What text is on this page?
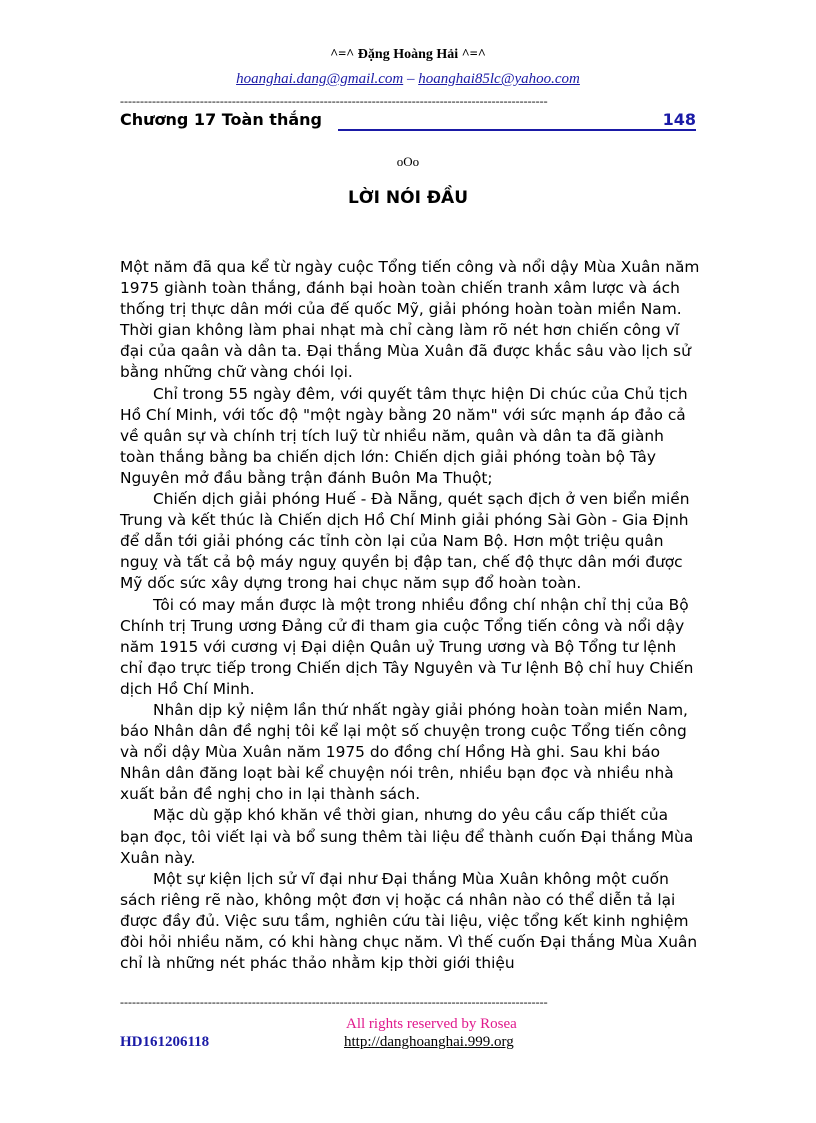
^=^ Đặng Hoàng Hải ^=^
hoanghai.dang@gmail.com – hoanghai85lc@yahoo.com
-----------------------------------------------------------------------------------------------------------
Chương 17 Toàn thắng	148
oOo
LỜI NÓI ĐẦU

Một năm đã qua kể từ ngày cuộc Tổng tiến công và nổi dậy Mùa Xuân năm 1975 giành toàn thắng, đánh bại hoàn toàn chiến tranh xâm lược và ách thống trị thực dân mới của đế quốc Mỹ, giải phóng hoàn toàn miền Nam. Thời gian không làm phai nhạt mà chỉ càng làm rõ nét hơn chiến công vĩ đại của qaân và dân ta. Đại thắng Mùa Xuân đã được khắc sâu vào lịch sử bằng những chữ vàng chói lọi.

Chỉ trong 55 ngày đêm, với quyết tâm thực hiện Di chúc của Chủ tịch Hồ Chí Minh, với tốc độ "một ngày bằng 20 năm" với sức mạnh áp đảo cả về quân sự và chính trị tích luỹ từ nhiều năm, quân và dân ta đã giành toàn thắng bằng ba chiến dịch lớn: Chiến dịch giải phóng toàn bộ Tây Nguyên mở đầu bằng trận đánh Buôn Ma Thuột;

Chiến dịch giải phóng Huế - Đà Nẵng, quét sạch địch ở ven biển miền Trung và kết thúc là Chiến dịch Hồ Chí Minh giải phóng Sài Gòn - Gia Định để dẫn tới giải phóng các tỉnh còn lại của Nam Bộ. Hơn một triệu quân nguỵ và tất cả bộ máy nguỵ quyền bị đập tan, chế độ thực dân mới được Mỹ dốc sức xây dựng trong hai chục năm sụp đổ hoàn toàn.

Tôi có may mắn được là một trong nhiều đồng chí nhận chỉ thị của Bộ Chính trị Trung ương Đảng cử đi tham gia cuộc Tổng tiến công và nổi dậy năm 1915 với cương vị Đại diện Quân uỷ Trung ương và Bộ Tổng tư lệnh chỉ đạo trực tiếp trong Chiến dịch Tây Nguyên và Tư lệnh Bộ chỉ huy Chiến dịch Hồ Chí Minh.

Nhân dịp kỷ niệm lần thứ nhất ngày giải phóng hoàn toàn miền Nam, báo Nhân dân đề nghị tôi kể lại một số chuyện trong cuộc Tổng tiến công và nổi dậy Mùa Xuân năm 1975 do đồng chí Hồng Hà ghi. Sau khi báo Nhân dân đăng loạt bài kể chuyện nói trên, nhiều bạn đọc và nhiều nhà xuất bản đề nghị cho in lại thành sách.

Mặc dù gặp khó khăn về thời gian, nhưng do yêu cầu cấp thiết của bạn đọc, tôi viết lại và bổ sung thêm tài liệu để thành cuốn Đại thắng Mùa Xuân này.

Một sự kiện lịch sử vĩ đại như Đại thắng Mùa Xuân không một cuốn sách riêng rẽ nào, không một đơn vị hoặc cá nhân nào có thể diễn tả lại được đầy đủ. Việc sưu tầm, nghiên cứu tài liệu, việc tổng kết kinh nghiệm đòi hỏi nhiều năm, có khi hàng chục năm. Vì thế cuốn Đại thắng Mùa Xuân chỉ là những nét phác thảo nhằm kịp thời giới thiệu

-----------------------------------------------------------------------------------------------------------
All rights reserved by Rosea
HD161206118	http://danghoanghai.999.org
